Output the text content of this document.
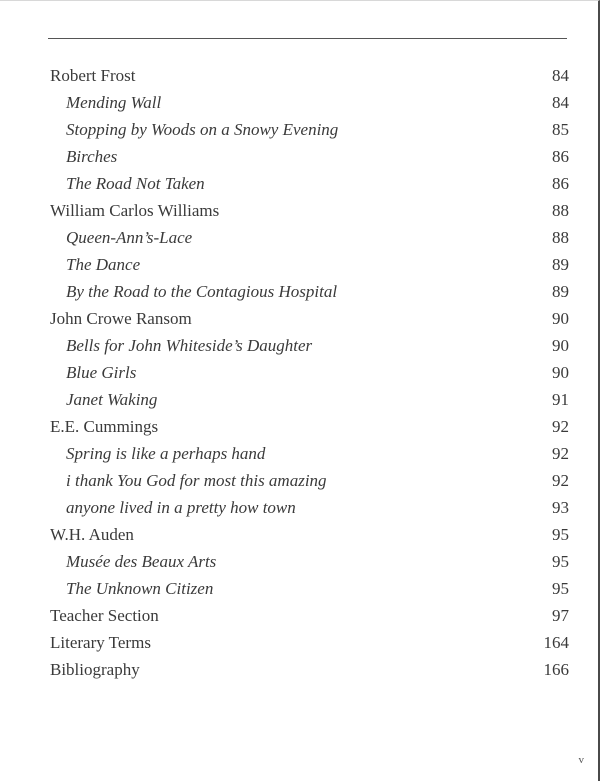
Robert Frost	84
Mending Wall	84
Stopping by Woods on a Snowy Evening	85
Birches	86
The Road Not Taken	86
William Carlos Williams	88
Queen-Ann’s-Lace	88
The Dance	89
By the Road to the Contagious Hospital	89
John Crowe Ransom	90
Bells for John Whiteside’s Daughter	90
Blue Girls	90
Janet Waking	91
E.E. Cummings	92
Spring is like a perhaps hand	92
i thank You God for most this amazing	92
anyone lived in a pretty how town	93
W.H. Auden	95
Musée des Beaux Arts	95
The Unknown Citizen	95
Teacher Section	97
Literary Terms	164
Bibliography	166
v
